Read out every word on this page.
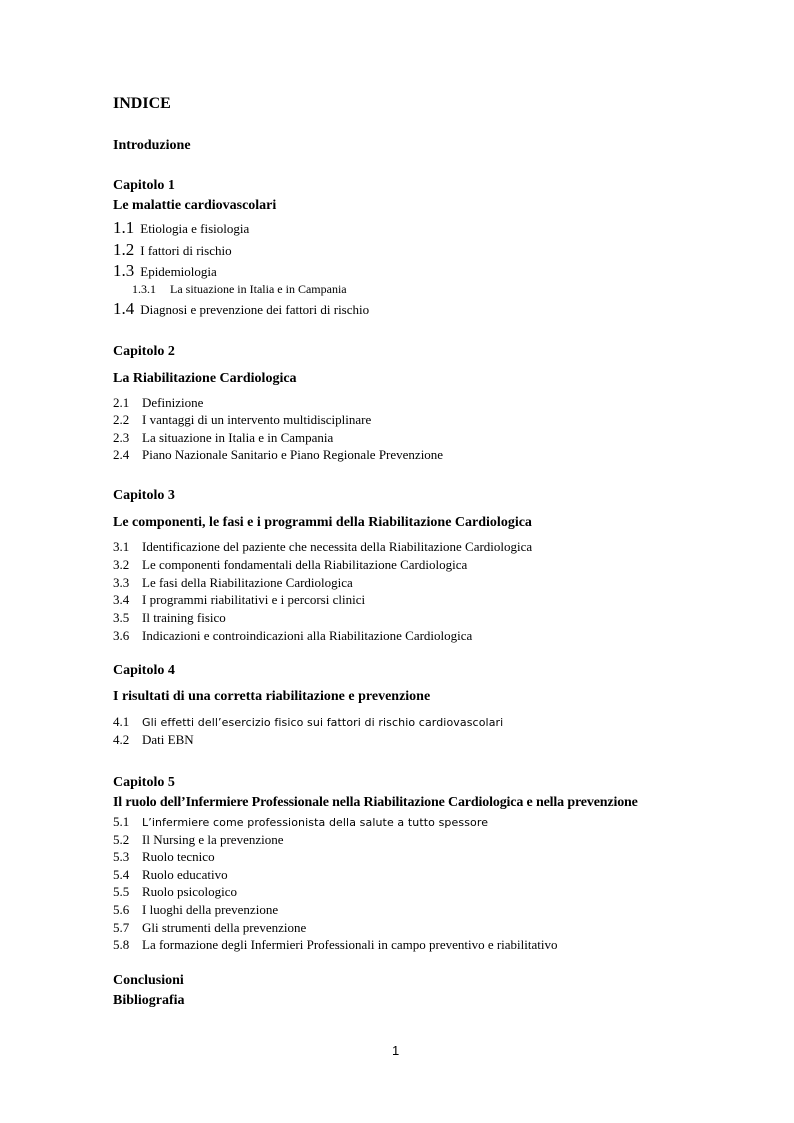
INDICE
Introduzione
Capitolo 1
Le malattie cardiovascolari
1.1 Etiologia e fisiologia
1.2 I fattori di rischio
1.3 Epidemiologia
1.3.1 La situazione in Italia e in Campania
1.4 Diagnosi e prevenzione dei fattori di rischio
Capitolo 2
La Riabilitazione Cardiologica
2.1 Definizione
2.2 I vantaggi di un intervento multidisciplinare
2.3 La situazione in Italia e in Campania
2.4 Piano Nazionale Sanitario e Piano Regionale Prevenzione
Capitolo 3
Le componenti, le fasi e i programmi della Riabilitazione Cardiologica
3.1 Identificazione del paziente che necessita della Riabilitazione Cardiologica
3.2 Le componenti fondamentali della Riabilitazione Cardiologica
3.3 Le fasi della Riabilitazione Cardiologica
3.4 I programmi riabilitativi e i percorsi clinici
3.5 Il training fisico
3.6 Indicazioni e controindicazioni alla Riabilitazione Cardiologica
Capitolo 4
I risultati di una corretta riabilitazione e prevenzione
4.1 Gli effetti dell’esercizio fisico sui fattori di rischio cardiovascolari
4.2 Dati EBN
Capitolo 5
Il ruolo dell’Infermiere Professionale nella Riabilitazione Cardiologica e nella prevenzione
5.1 L’infermiere come professionista della salute a tutto spessore
5.2 Il Nursing e la prevenzione
5.3 Ruolo tecnico
5.4 Ruolo educativo
5.5 Ruolo psicologico
5.6 I luoghi della prevenzione
5.7 Gli strumenti della prevenzione
5.8 La formazione degli Infermieri Professionali in campo preventivo e riabilitativo
Conclusioni
Bibliografia
1
